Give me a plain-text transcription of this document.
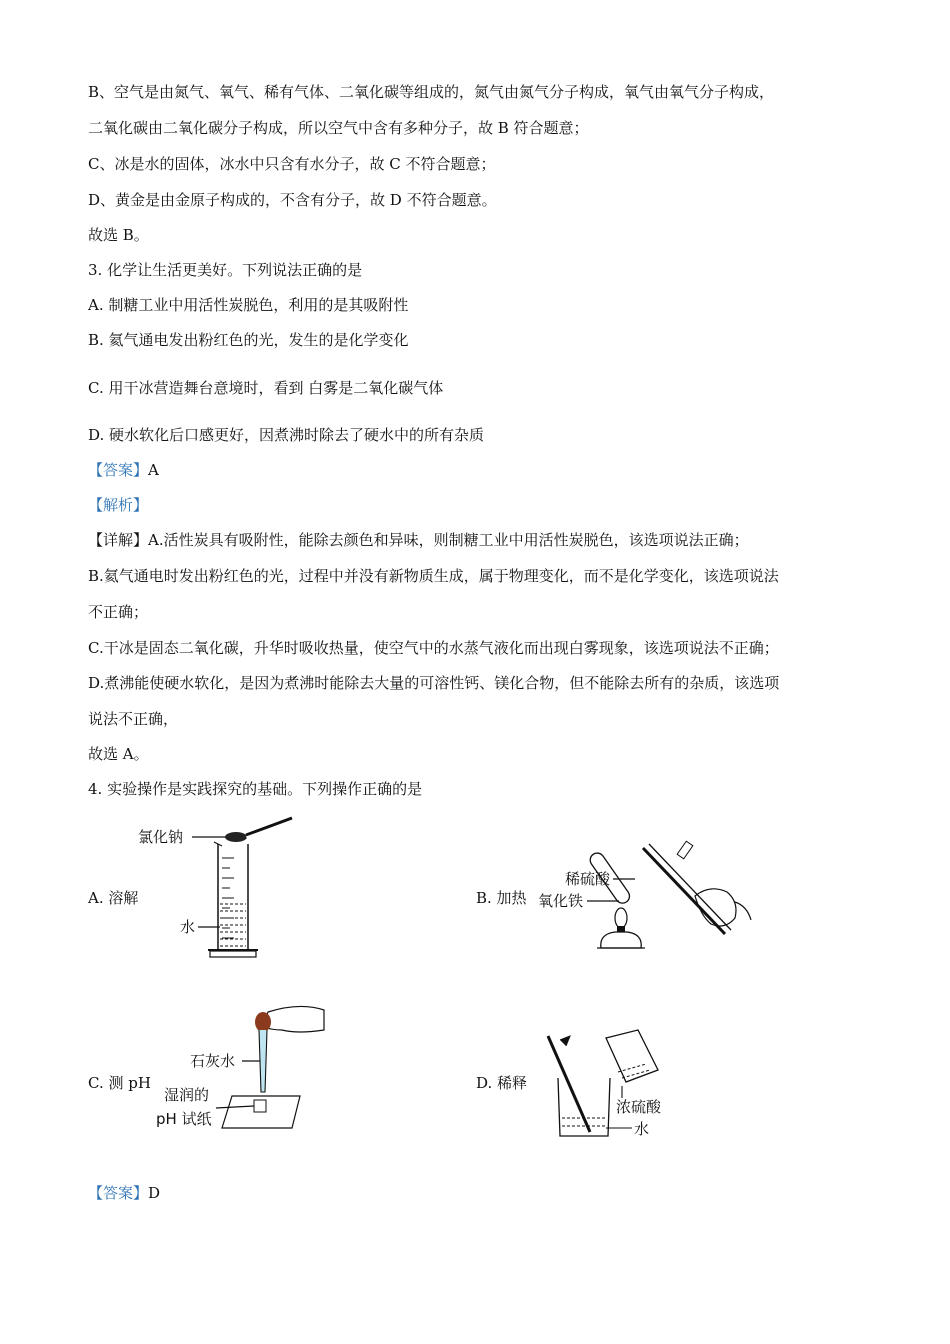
B、空气是由氮气、氧气、稀有气体、二氧化碳等组成的，氮气由氮气分子构成，氧气由氧气分子构成，
二氧化碳由二氧化碳分子构成，所以空气中含有多种分子，故 B 符合题意；
C、冰是水的固体，冰水中只含有水分子，故 C 不符合题意；
D、黄金是由金原子构成的，不含有分子，故 D 不符合题意。
故选 B。
3. 化学让生活更美好。下列说法正确的是
A. 制糖工业中用活性炭脱色，利用的是其吸附性
B. 氦气通电发出粉红色的光，发生的是化学变化
C. 用干冰营造舞台意境时，看到 白雾是二氧化碳气体
D. 硬水软化后口感更好，因煮沸时除去了硬水中的所有杂质
【答案】A
【解析】
【详解】A.活性炭具有吸附性，能除去颜色和异味，则制糖工业中用活性炭脱色，该选项说法正确；
B.氦气通电时发出粉红色的光，过程中并没有新物质生成，属于物理变化，而不是化学变化，该选项说法
不正确；
C.干冰是固态二氧化碳，升华时吸收热量，使空气中的水蒸气液化而出现白雾现象，该选项说法不正确；
D.煮沸能使硬水软化，是因为煮沸时能除去大量的可溶性钙、镁化合物，但不能除去所有的杂质，该选项
说法不正确，
故选 A。
4. 实验操作是实践探究的基础。下列操作正确的是
A. 溶解	B. 加热
C. 测 pH	D. 稀释
氯化钠
水
稀硫酸
氧化铁
石灰水
湿润的
pH 试纸
浓硫酸
水
【答案】D
